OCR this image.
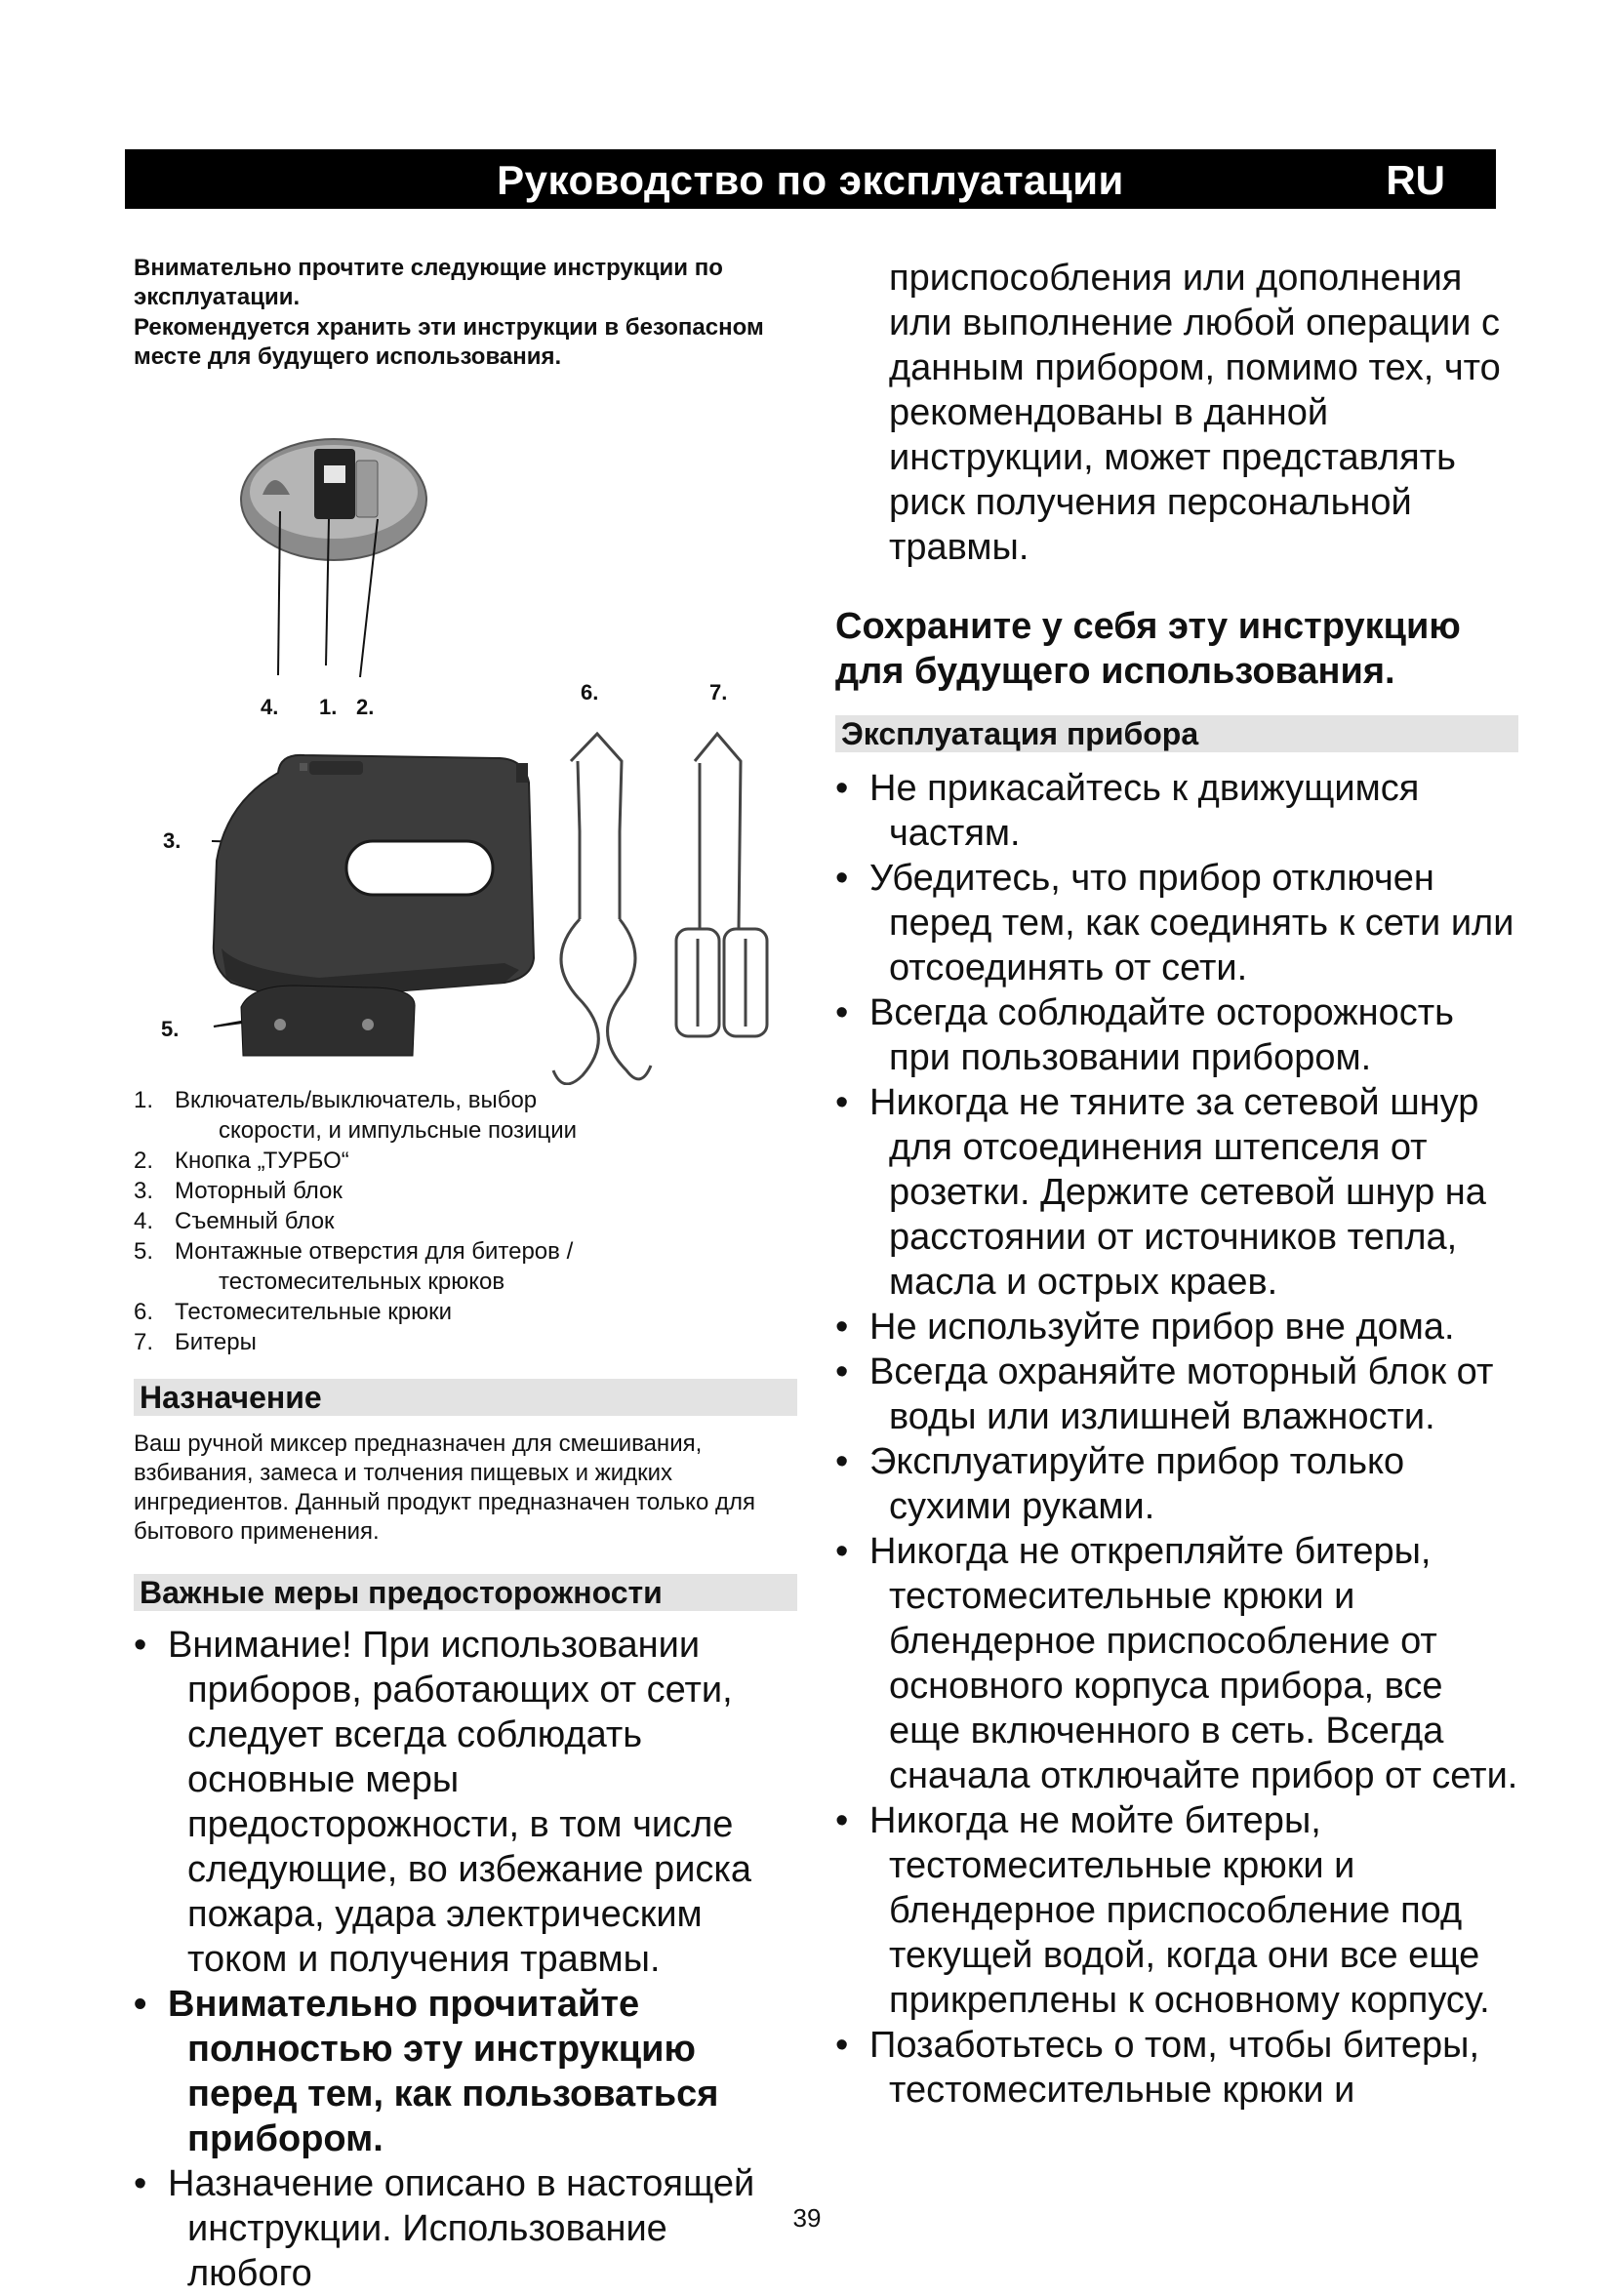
Руководство по эксплуатации	RU

Внимательно прочтите следующие инструкции по эксплуатации.

Рекомендуется хранить эти инструкции в безопасном месте для будущего использования.

1. 2.
3.
4.
5.
6.	7.
1. Включатель/выключатель, выбор
скорости, и импульсные позиции
2. Кнопка „ТУРБО“
3. Моторный блок
4. Съемный блок
5. Монтажные отверстия для битеров /
тестомесительных крюков
6. Тестомесительные крюки
7. Битеры
Назначение

Ваш ручной миксер предназначен для смешивания, взбивания, замеса и толчения пищевых и жидких ингредиентов. Данный продукт предназначен только для бытового применения.

Важные меры предосторожности
• Внимание! При использовании
приборов, работающих от сети, следует всегда соблюдать основные меры предосторожности, в том числе следующие, во избежание риска пожара, удара электрическим током и получения травмы.
• Внимательно прочитайте
полностью эту инструкцию перед тем, как пользоваться прибором.
• Назначение описано в настоящей
инструкции. Использование любого

приспособления или дополнения или выполнение любой операции с данным прибором, помимо тех, что рекомендованы в данной инструкции, может представлять риск получения персональной травмы.

Сохраните у себя эту инструкцию для будущего использования.

Эксплуатация прибора
• Не прикасайтесь к движущимся
частям.
• Убедитесь, что прибор отключен
перед тем, как соединять к сети или отсоединять от сети.
• Всегда соблюдайте осторожность
при пользовании прибором.
• Никогда не тяните за сетевой шнур
для отсоединения штепселя от розетки. Держите сетевой шнур на расстоянии от источников тепла, масла и острых краев.
• Не используйте прибор вне дома.
• Всегда охраняйте моторный блок от
воды или излишней влажности.
• Эксплуатируйте прибор только
сухими руками.
• Никогда не открепляйте битеры,
тестомесительные крюки и блендерное приспособление от основного корпуса прибора, все еще включенного в сеть. Всегда сначала отключайте прибор от сети.
• Никогда не мойте битеры,
тестомесительные крюки и блендерное приспособление под текущей водой, когда они все еще прикреплены к основному корпусу.
• Позаботьтесь о том, чтобы битеры,
тестомесительные крюки и
39
